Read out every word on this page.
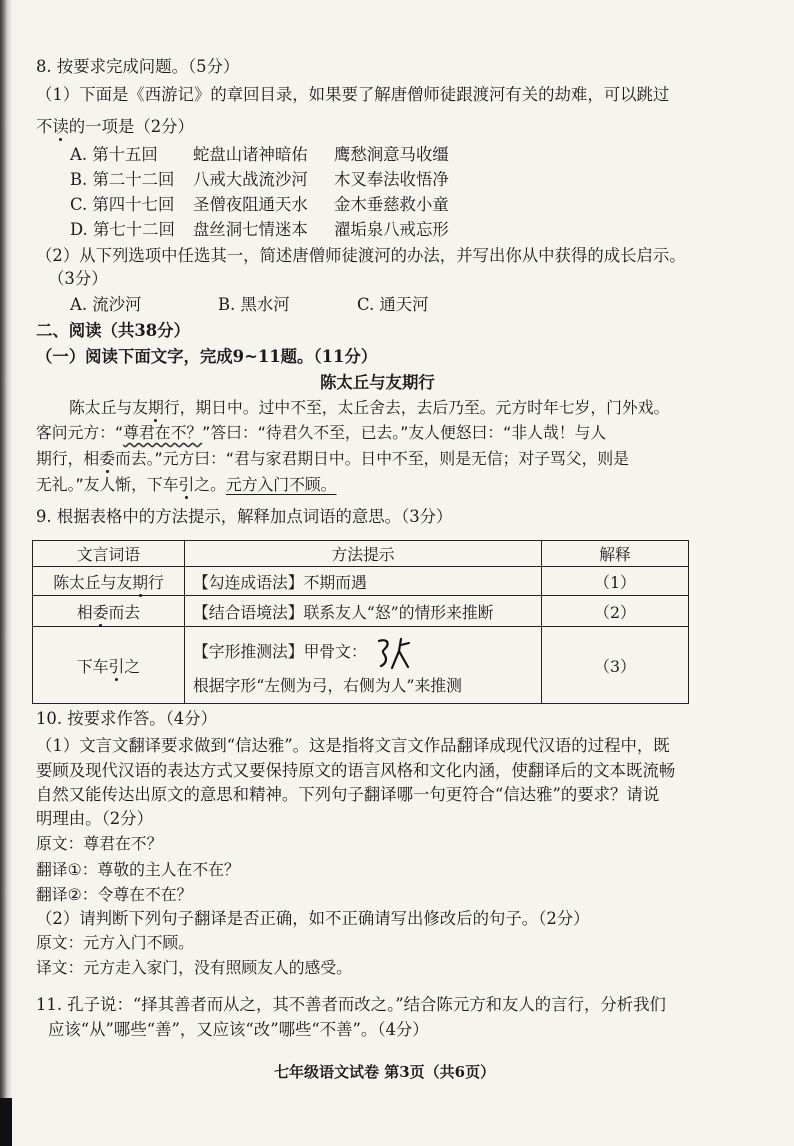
8. 按要求完成问题。（5分）
（1）下面是《西游记》的章回目录，如果要了解唐僧师徒跟渡河有关的劫难，可以跳过
不读的一项是（2分）
A. 第十五回 蛇盘山诸神暗佑 鹰愁涧意马收缰
B. 第二十二回 八戒大战流沙河 木叉奉法收悟净
C. 第四十七回 圣僧夜阻通天水 金木垂慈救小童
D. 第七十二回 盘丝洞七情迷本 濯垢泉八戒忘形
（2）从下列选项中任选其一，简述唐僧师徒渡河的办法，并写出你从中获得的成长启示。
（3分）
A. 流沙河	B. 黑水河	C. 通天河
二、阅读（共38分）
（一）阅读下面文字，完成9~11题。（11分）
陈太丘与友期行
陈太丘与友期行，期日中。过中不至，太丘舍去，去后乃至。元方时年七岁，门外戏。
客问元方：“尊君在不？”答曰：“待君久不至，已去。”友人便怒曰：“非人哉！与人
期行，相委而去。”元方曰：“君与家君期日中。日中不至，则是无信；对子骂父，则是
无礼。”友人惭，下车引之。元方入门不顾。
9. 根据表格中的方法提示，解释加点词语的意思。（3分）
文言词语	方法提示	解释
陈太丘与友期行	【勾连成语法】不期而遇	（1）
相委而去	【结合语境法】联系友人“怒”的情形来推断	（2）
下车引之	【字形推测法】甲骨文：
根据字形“左侧为弓，右侧为人”来推测	（3）
10. 按要求作答。（4分）
（1）文言文翻译要求做到“信达雅”。这是指将文言文作品翻译成现代汉语的过程中，既
要顾及现代汉语的表达方式又要保持原文的语言风格和文化内涵，使翻译后的文本既流畅
自然又能传达出原文的意思和精神。下列句子翻译哪一句更符合“信达雅”的要求？请说
明理由。（2分）
原文：尊君在不？
翻译①：尊敬的主人在不在？
翻译②：令尊在不在？
（2）请判断下列句子翻译是否正确，如不正确请写出修改后的句子。（2分）
原文：元方入门不顾。
译文：元方走入家门，没有照顾友人的感受。
11. 孔子说：“择其善者而从之，其不善者而改之。”结合陈元方和友人的言行，分析我们
应该“从”哪些“善”，又应该“改”哪些“不善”。（4分）
七年级语文试卷 第3页（共6页）
